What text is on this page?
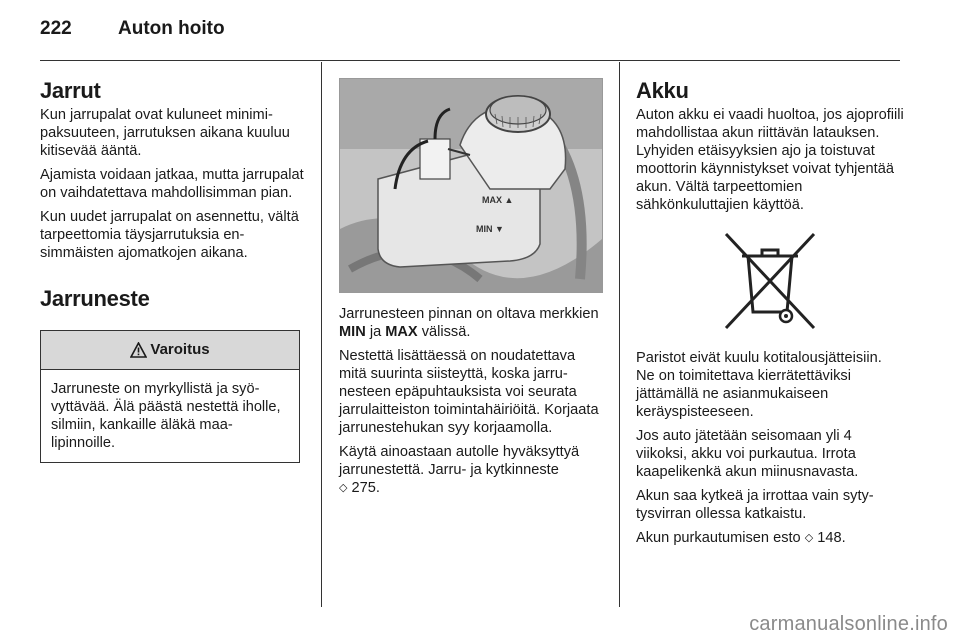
222 Auton hoito
Jarrut

Kun jarrupalat ovat kuluneet minimipaksuuteen, jarrutuksen aikana kuuluu kitisevää ääntä.

Ajamista voidaan jatkaa, mutta jarrupalat on vaihdatettava mahdollisimman pian.

Kun uudet jarrupalat on asennettu, vältä tarpeettomia täysjarrutuksia ensimmäisten ajomatkojen aikana.

Jarruneste
Varoitus
Jarruneste on myrkyllistä ja syövyttävää. Älä päästä nestettä iholle, silmiin, kankaille äläkä maalipinnoille.
MAX ▲
MIN ▼

Jarrunesteen pinnan on oltava merkkien MIN ja MAX välissä.

Nestettä lisättäessä on noudatettava mitä suurinta siisteyttä, koska jarrunesteen epäpuhtauksista voi seurata jarrulaitteiston toimintahäiriöitä. Korjaata jarrunestehukan syy korjaamolla.

Käytä ainoastaan autolle hyväksyttyä jarrunestettä. Jarru- ja kytkinneste
◇ 275.

Akku

Auton akku ei vaadi huoltoa, jos ajoprofiili mahdollistaa akun riittävän latauksen. Lyhyiden etäisyyksien ajo ja toistuvat moottorin käynnistykset voivat tyhjentää akun. Vältä tarpeettomien sähkönkuluttajien käyttöä.

Paristot eivät kuulu kotitalousjätteisiin. Ne on toimitettava kierrätettäviksi jättämällä ne asianmukaiseen keräyspisteeseen.

Jos auto jätetään seisomaan yli 4 viikoksi, akku voi purkautua. Irrota kaapelikenkä akun miinusnavasta.

Akun saa kytkeä ja irrottaa vain sytytysvirran ollessa katkaistu.

Akun purkautumisen esto ◇ 148.

carmanualsonline.info
